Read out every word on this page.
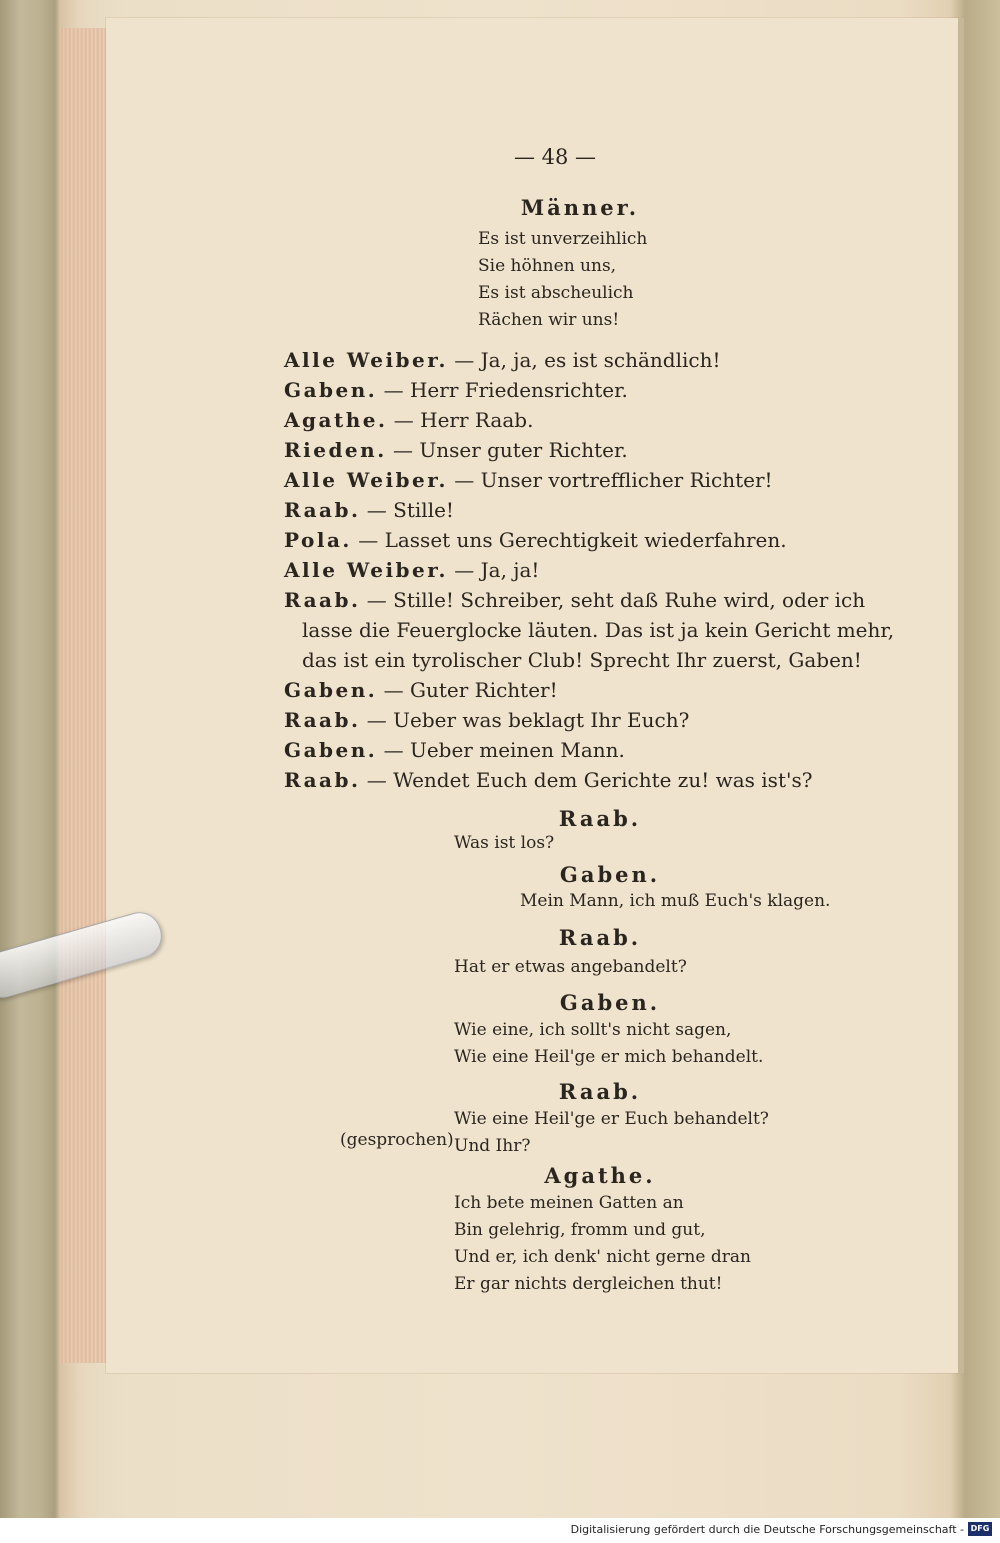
— 48 —
Männer.
Es ist unverzeihlich
Sie höhnen uns,
Es ist abscheulich
Rächen wir uns!
Alle Weiber. — Ja, ja, es ist schändlich!
Gaben. — Herr Friedensrichter.
Agathe. — Herr Raab.
Rieden. — Unser guter Richter.
Alle Weiber. — Unser vortrefflicher Richter!
Raab. — Stille!
Pola. — Lasset uns Gerechtigkeit wiederfahren.
Alle Weiber. — Ja, ja!
Raab. — Stille! Schreiber, seht daß Ruhe wird, oder ich
lasse die Feuerglocke läuten. Das ist ja kein Gericht mehr,
das ist ein tyrolischer Club! Sprecht Ihr zuerst, Gaben!
Gaben. — Guter Richter!
Raab. — Ueber was beklagt Ihr Euch?
Gaben. — Ueber meinen Mann.
Raab. — Wendet Euch dem Gerichte zu! was ist's?
Raab.
Was ist los?
Gaben.
Mein Mann, ich muß Euch's klagen.
Raab.
Hat er etwas angebandelt?
Gaben.
Wie eine, ich sollt's nicht sagen,
Wie eine Heil'ge er mich behandelt.
Raab.
Wie eine Heil'ge er Euch behandelt?
Und Ihr?
(gesprochen)
Agathe.
Ich bete meinen Gatten an
Bin gelehrig, fromm und gut,
Und er, ich denk' nicht gerne dran
Er gar nichts dergleichen thut!
Digitalisierung gefördert durch die Deutsche Forschungsgemeinschaft - DFG
